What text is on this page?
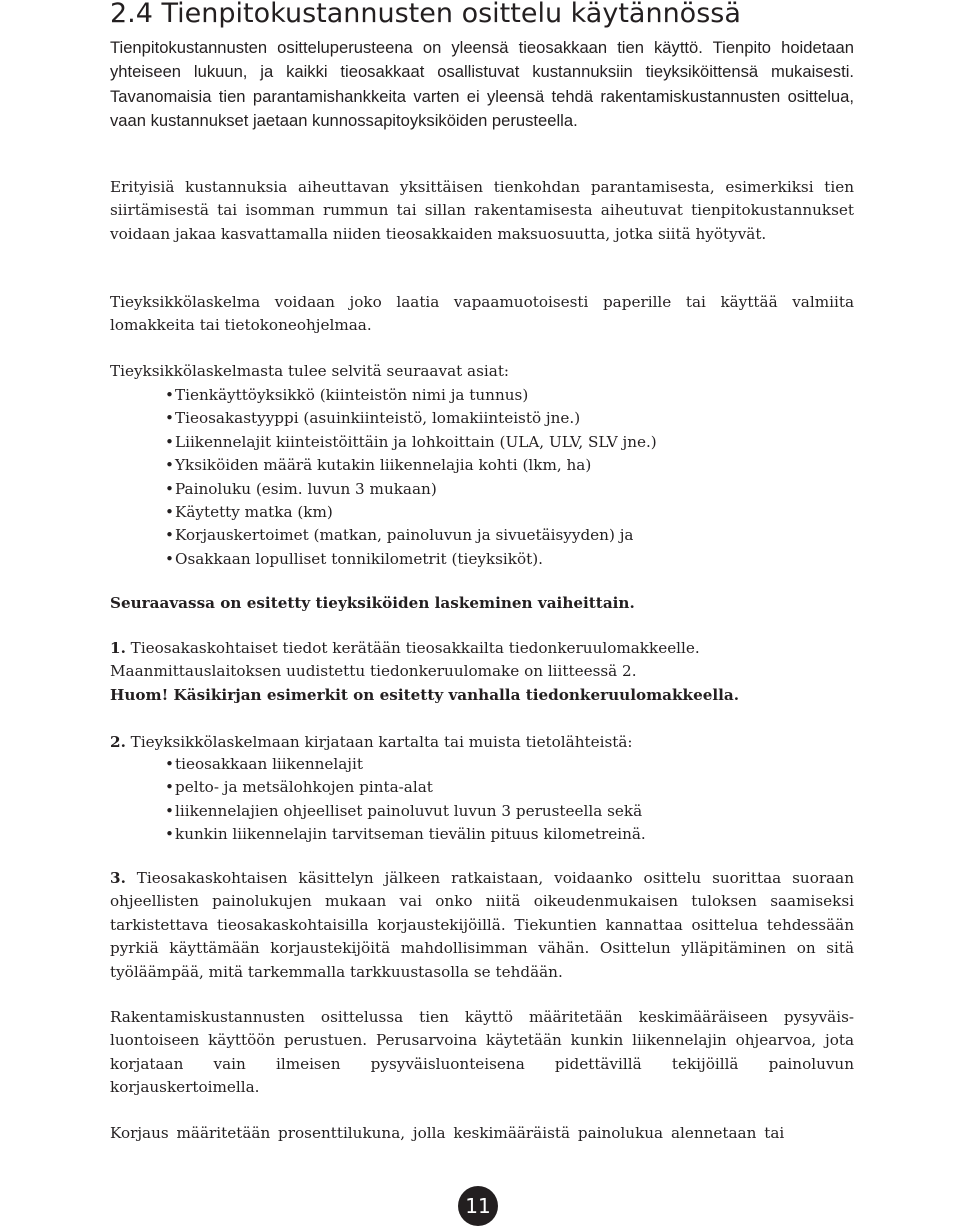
2.4 Tienpitokustannusten osittelu käytännössä

Tienpitokustannusten ositteluperusteena on yleensä tieosakkaan tien käyttö. Tienpito hoidetaan yhteiseen lukuun, ja kaikki tieosakkaat osallistuvat kustannuksiin tieyksiköittensä mukaisesti. Tavanomaisia tien parantamishankkeita varten ei yleensä tehdä rakentamiskustannusten osittelua, vaan kustannukset jaetaan kunnossapitoyksiköiden perusteella.

Erityisiä kustannuksia aiheuttavan yksittäisen tienkohdan parantamisesta, esimerkiksi tien siirtämisestä tai isomman rummun tai sillan rakentamisesta aiheutuvat tienpitokustannukset voidaan jakaa kasvattamalla niiden tieosakkaiden maksuosuutta, jotka siitä hyötyvät.

Tieyksikkölaskelma voidaan joko laatia vapaamuotoisesti paperille tai käyttää valmiita lomakkeita tai tietokoneohjelmaa.

Tieyksikkölaskelmasta tulee selvitä seuraavat asiat:

•Tienkäyttöyksikkö (kiinteistön nimi ja tunnus)
•Tieosakastyyppi (asuinkiinteistö, lomakiinteistö jne.)
•Liikennelajit kiinteistöittäin ja lohkoittain (ULA, ULV, SLV jne.)
•Yksiköiden määrä kutakin liikennelajia kohti (lkm, ha)
•Painoluku (esim. luvun 3 mukaan)
•Käytetty matka (km)
•Korjauskertoimet (matkan, painoluvun ja sivuetäisyyden) ja
•Osakkaan lopulliset tonnikilometrit (tieyksiköt).

Seuraavassa on esitetty tieyksiköiden laskeminen vaiheittain.

1. Tieosakaskohtaiset tiedot kerätään tieosakkailta tiedonkeruulomakkeelle.
Maanmittauslaitoksen uudistettu tiedonkeruulomake on liitteessä 2.
Huom! Käsikirjan esimerkit on esitetty vanhalla tiedonkeruulomakkeella.

2. Tieyksikkölaskelmaan kirjataan kartalta tai muista tietolähteistä:

•tieosakkaan liikennelajit
•pelto- ja metsälohkojen pinta-alat
•liikennelajien ohjeelliset painoluvut luvun 3 perusteella sekä
•kunkin liikennelajin tarvitseman tievälin pituus kilometreinä.

3. Tieosakaskohtaisen käsittelyn jälkeen ratkaistaan, voidaanko osittelu suorittaa suoraan ohjeellisten painolukujen mukaan vai onko niitä oikeudenmukaisen tuloksen saamiseksi tarkistettava tieosakaskohtaisilla korjaustekijöillä. Tiekuntien kannattaa osittelua tehdessään pyrkiä käyttämään korjaustekijöitä mahdollisimman vähän. Osittelun ylläpitäminen on sitä työläämpää, mitä tarkemmalla tarkkuustasolla se tehdään.

Rakentamiskustannusten osittelussa tien käyttö määritetään keskimääräiseen pysyväisluontoiseen käyttöön perustuen. Perusarvoina käytetään kunkin liikennelajin ohjearvoa, jota korjataan vain ilmeisen pysyväisluonteisena pidettävillä tekijöillä painoluvun korjauskertoimella.

Korjaus määritetään prosenttilukuna, jolla keskimääräistä painolukua alennetaan tai

11
